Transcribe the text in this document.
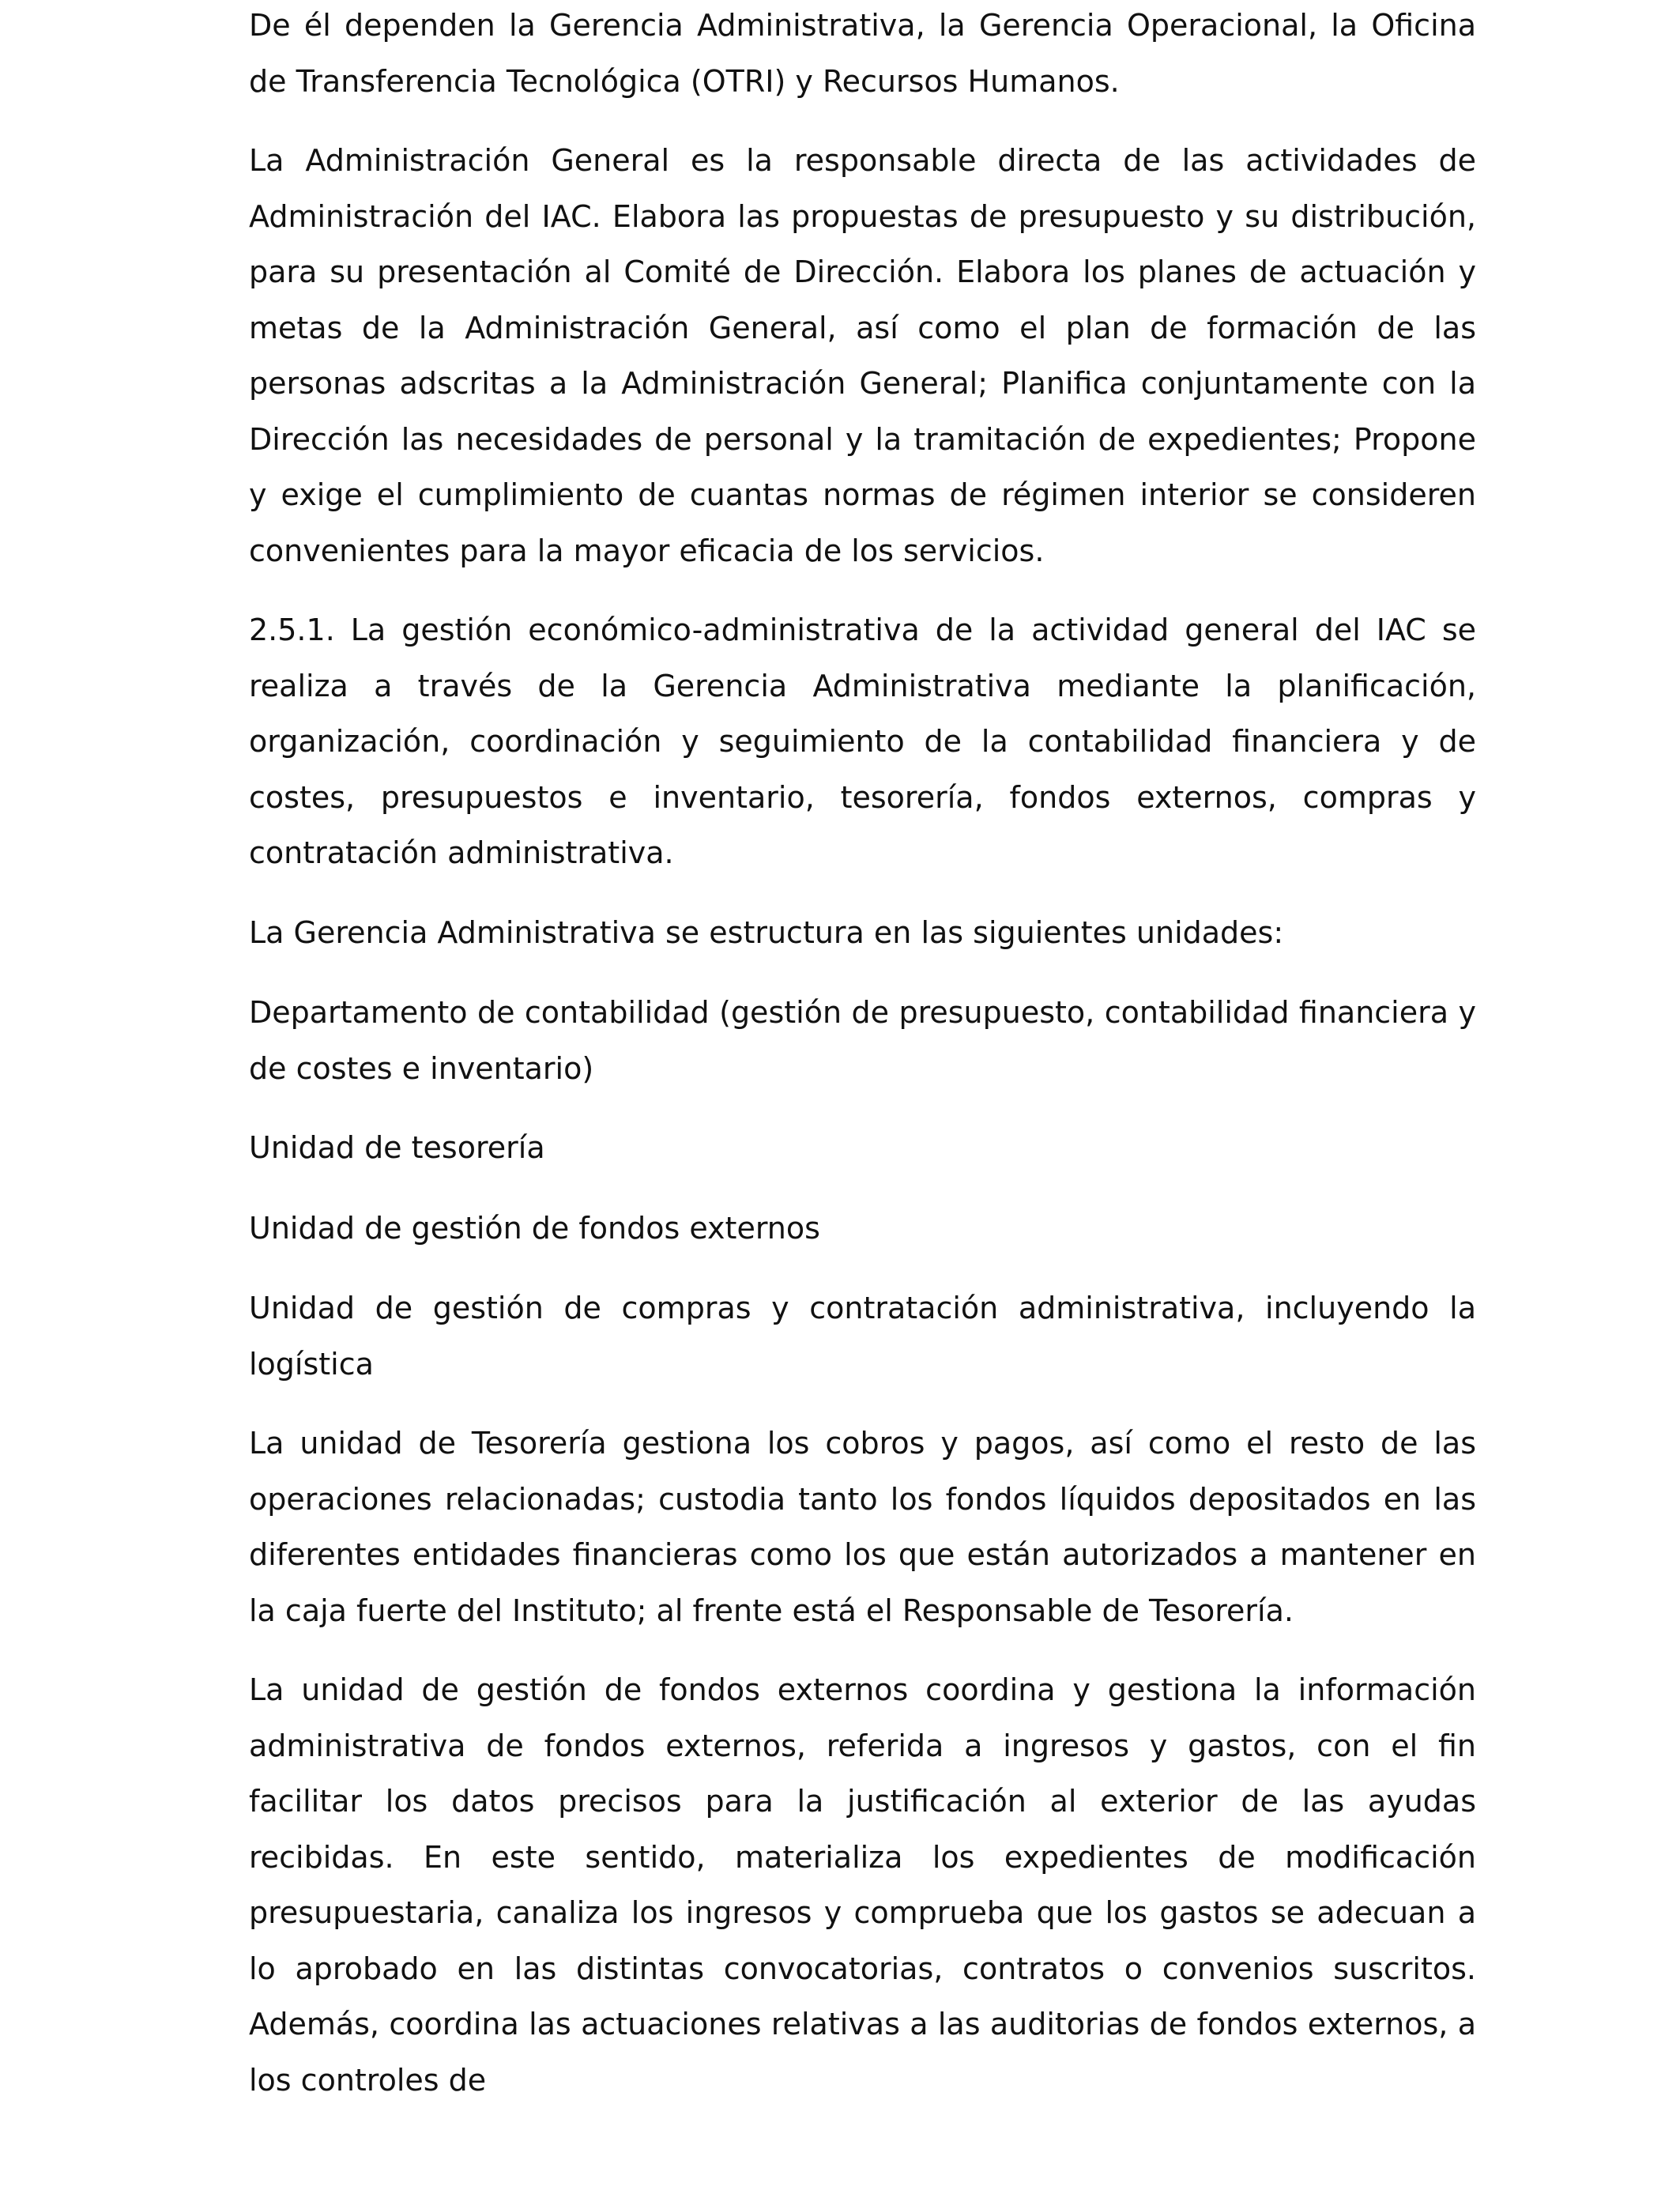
De él dependen la Gerencia Administrativa, la Gerencia Operacional, la Oficina de Transferencia Tecnológica (OTRI) y Recursos Humanos.

La Administración General es la responsable directa de las actividades de Administración del IAC. Elabora las propuestas de presupuesto y su distribución, para su presentación al Comité de Dirección. Elabora los planes de actuación y metas de la Administración General, así como el plan de formación de las personas adscritas a la Administración General; Planifica conjuntamente con la Dirección las necesidades de personal y la tramitación de expedientes; Propone y exige el cumplimiento de cuantas normas de régimen interior se consideren convenientes para la mayor eficacia de los servicios.

2.5.1. La gestión económico-administrativa de la actividad general del IAC se realiza a través de la Gerencia Administrativa mediante la planificación, organización, coordinación y seguimiento de la contabilidad financiera y de costes, presupuestos e inventario, tesorería, fondos externos, compras y contratación administrativa.

La Gerencia Administrativa se estructura en las siguientes unidades:

Departamento de contabilidad (gestión de presupuesto, contabilidad financiera y de costes e inventario)

Unidad de tesorería

Unidad de gestión de fondos externos

Unidad de gestión de compras y contratación administrativa, incluyendo la logística

La unidad de Tesorería gestiona los cobros y pagos, así como el resto de las operaciones relacionadas; custodia tanto los fondos líquidos depositados en las diferentes entidades financieras como los que están autorizados a mantener en la caja fuerte del Instituto; al frente está el Responsable de Tesorería.

La unidad de gestión de fondos externos coordina y gestiona la información administrativa de fondos externos, referida a ingresos y gastos, con el fin facilitar los datos precisos para la justificación al exterior de las ayudas recibidas. En este sentido, materializa los expedientes de modificación presupuestaria, canaliza los ingresos y comprueba que los gastos se adecuan a lo aprobado en las distintas convocatorias, contratos o convenios suscritos. Además, coordina las actuaciones relativas a las auditorias de fondos externos, a los controles de
